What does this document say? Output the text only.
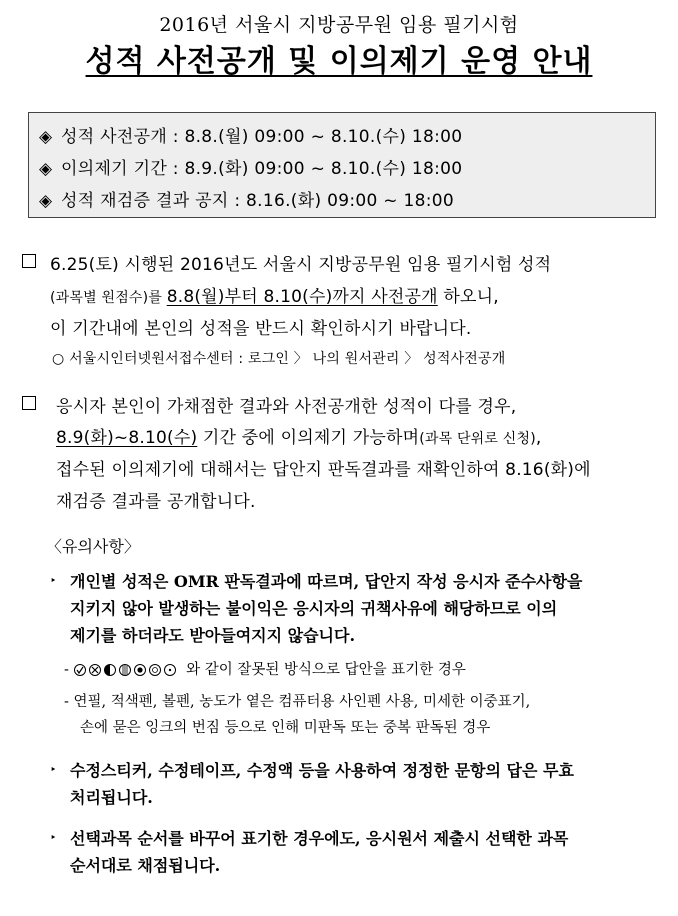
2016년 서울시 지방공무원 임용 필기시험
성적 사전공개 및 이의제기 운영 안내
◈ 성적 사전공개 : 8.8.(월) 09:00 ~ 8.10.(수) 18:00
◈ 이의제기 기간 : 8.9.(화) 09:00 ~ 8.10.(수) 18:00
◈ 성적 재검증 결과 공지 : 8.16.(화) 09:00 ~ 18:00
6.25(토) 시행된 2016년도 서울시 지방공무원 임용 필기시험 성적
(과목별 원점수)를 8.8(월)부터 8.10(수)까지 사전공개 하오니,
이 기간내에 본인의 성적을 반드시 확인하시기 바랍니다.
○ 서울시인터넷원서접수센터 : 로그인 〉 나의 원서관리 〉 성적사전공개
응시자 본인이 가채점한 결과와 사전공개한 성적이 다를 경우,
8.9(화)~8.10(수) 기간 중에 이의제기 가능하며(과목 단위로 신청),
접수된 이의제기에 대해서는 답안지 판독결과를 재확인하여 8.16(화)에
재검증 결과를 공개합니다.
〈유의사항〉
‣ 개인별 성적은 OMR 판독결과에 따르며, 답안지 작성 응시자 준수사항을
지키지 않아 발생하는 불이익은 응시자의 귀책사유에 해당하므로 이의
제기를 하더라도 받아들여지지 않습니다.
-	와 같이 잘못된 방식으로 답안을 표기한 경우
- 연필, 적색펜, 볼펜, 농도가 옅은 컴퓨터용 사인펜 사용, 미세한 이중표기,
손에 묻은 잉크의 번짐 등으로 인해 미판독 또는 중복 판독된 경우
‣ 수정스티커, 수정테이프, 수정액 등을 사용하여 정정한 문항의 답은 무효
처리됩니다.
‣ 선택과목 순서를 바꾸어 표기한 경우에도, 응시원서 제출시 선택한 과목
순서대로 채점됩니다.
